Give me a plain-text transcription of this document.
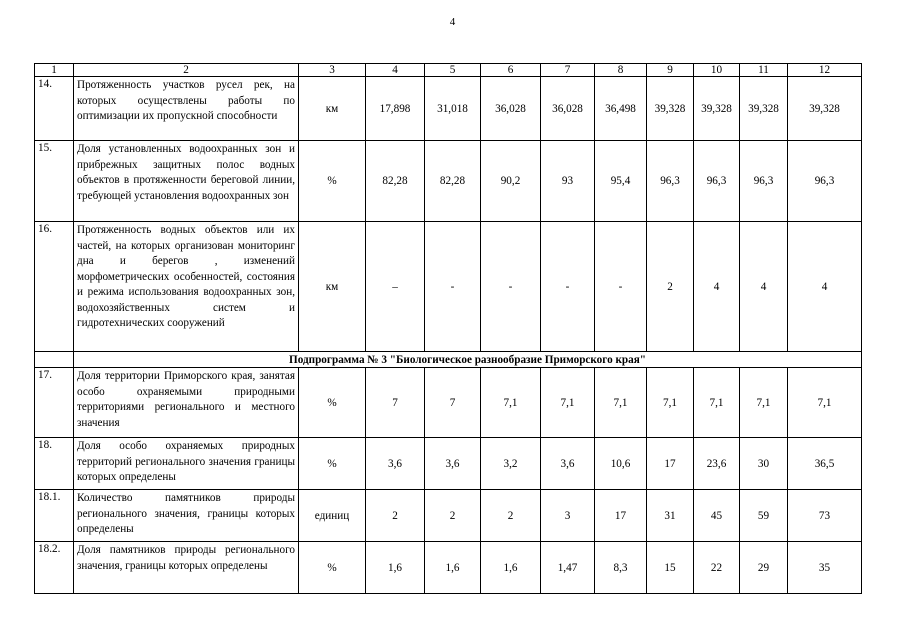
4
1	2	3	4	5	6	7	8	9	10	11	12
14.	Протяженность участков русел рек, на которых осуществлены работы по оптимизации их пропускной способности	км	17,898	31,018	36,028	36,028	36,498	39,328	39,328	39,328	39,328
15.	Доля установленных водоохранных зон и прибрежных защитных полос водных объектов в протяженности береговой линии, требующей установления водоохранных зон	%	82,28	82,28	90,2	93	95,4	96,3	96,3	96,3	96,3
16.	Протяженность водных объектов или их частей, на которых организован мониторинг дна и берегов , изменений морфометрических особенностей, состояния и режима использования водоохранных зон, водохозяйственных систем и гидротехнических сооружений	км	–	-	-	-	-	2	4	4	4
	Подпрограмма № 3 "Биологическое разнообразие Приморского края"										
17.	Доля территории Приморского края, занятая особо охраняемыми природными территориями регионального и местного значения	%	7	7	7,1	7,1	7,1	7,1	7,1	7,1	7,1
18.	Доля особо охраняемых природных территорий регионального значения границы которых определены	%	3,6	3,6	3,2	3,6	10,6	17	23,6	30	36,5
18.1.	Количество памятников природы регионального значения, границы которых определены	единиц	2	2	2	3	17	31	45	59	73
18.2.	Доля памятников природы регионального значения, границы которых определены	%	1,6	1,6	1,6	1,47	8,3	15	22	29	35
